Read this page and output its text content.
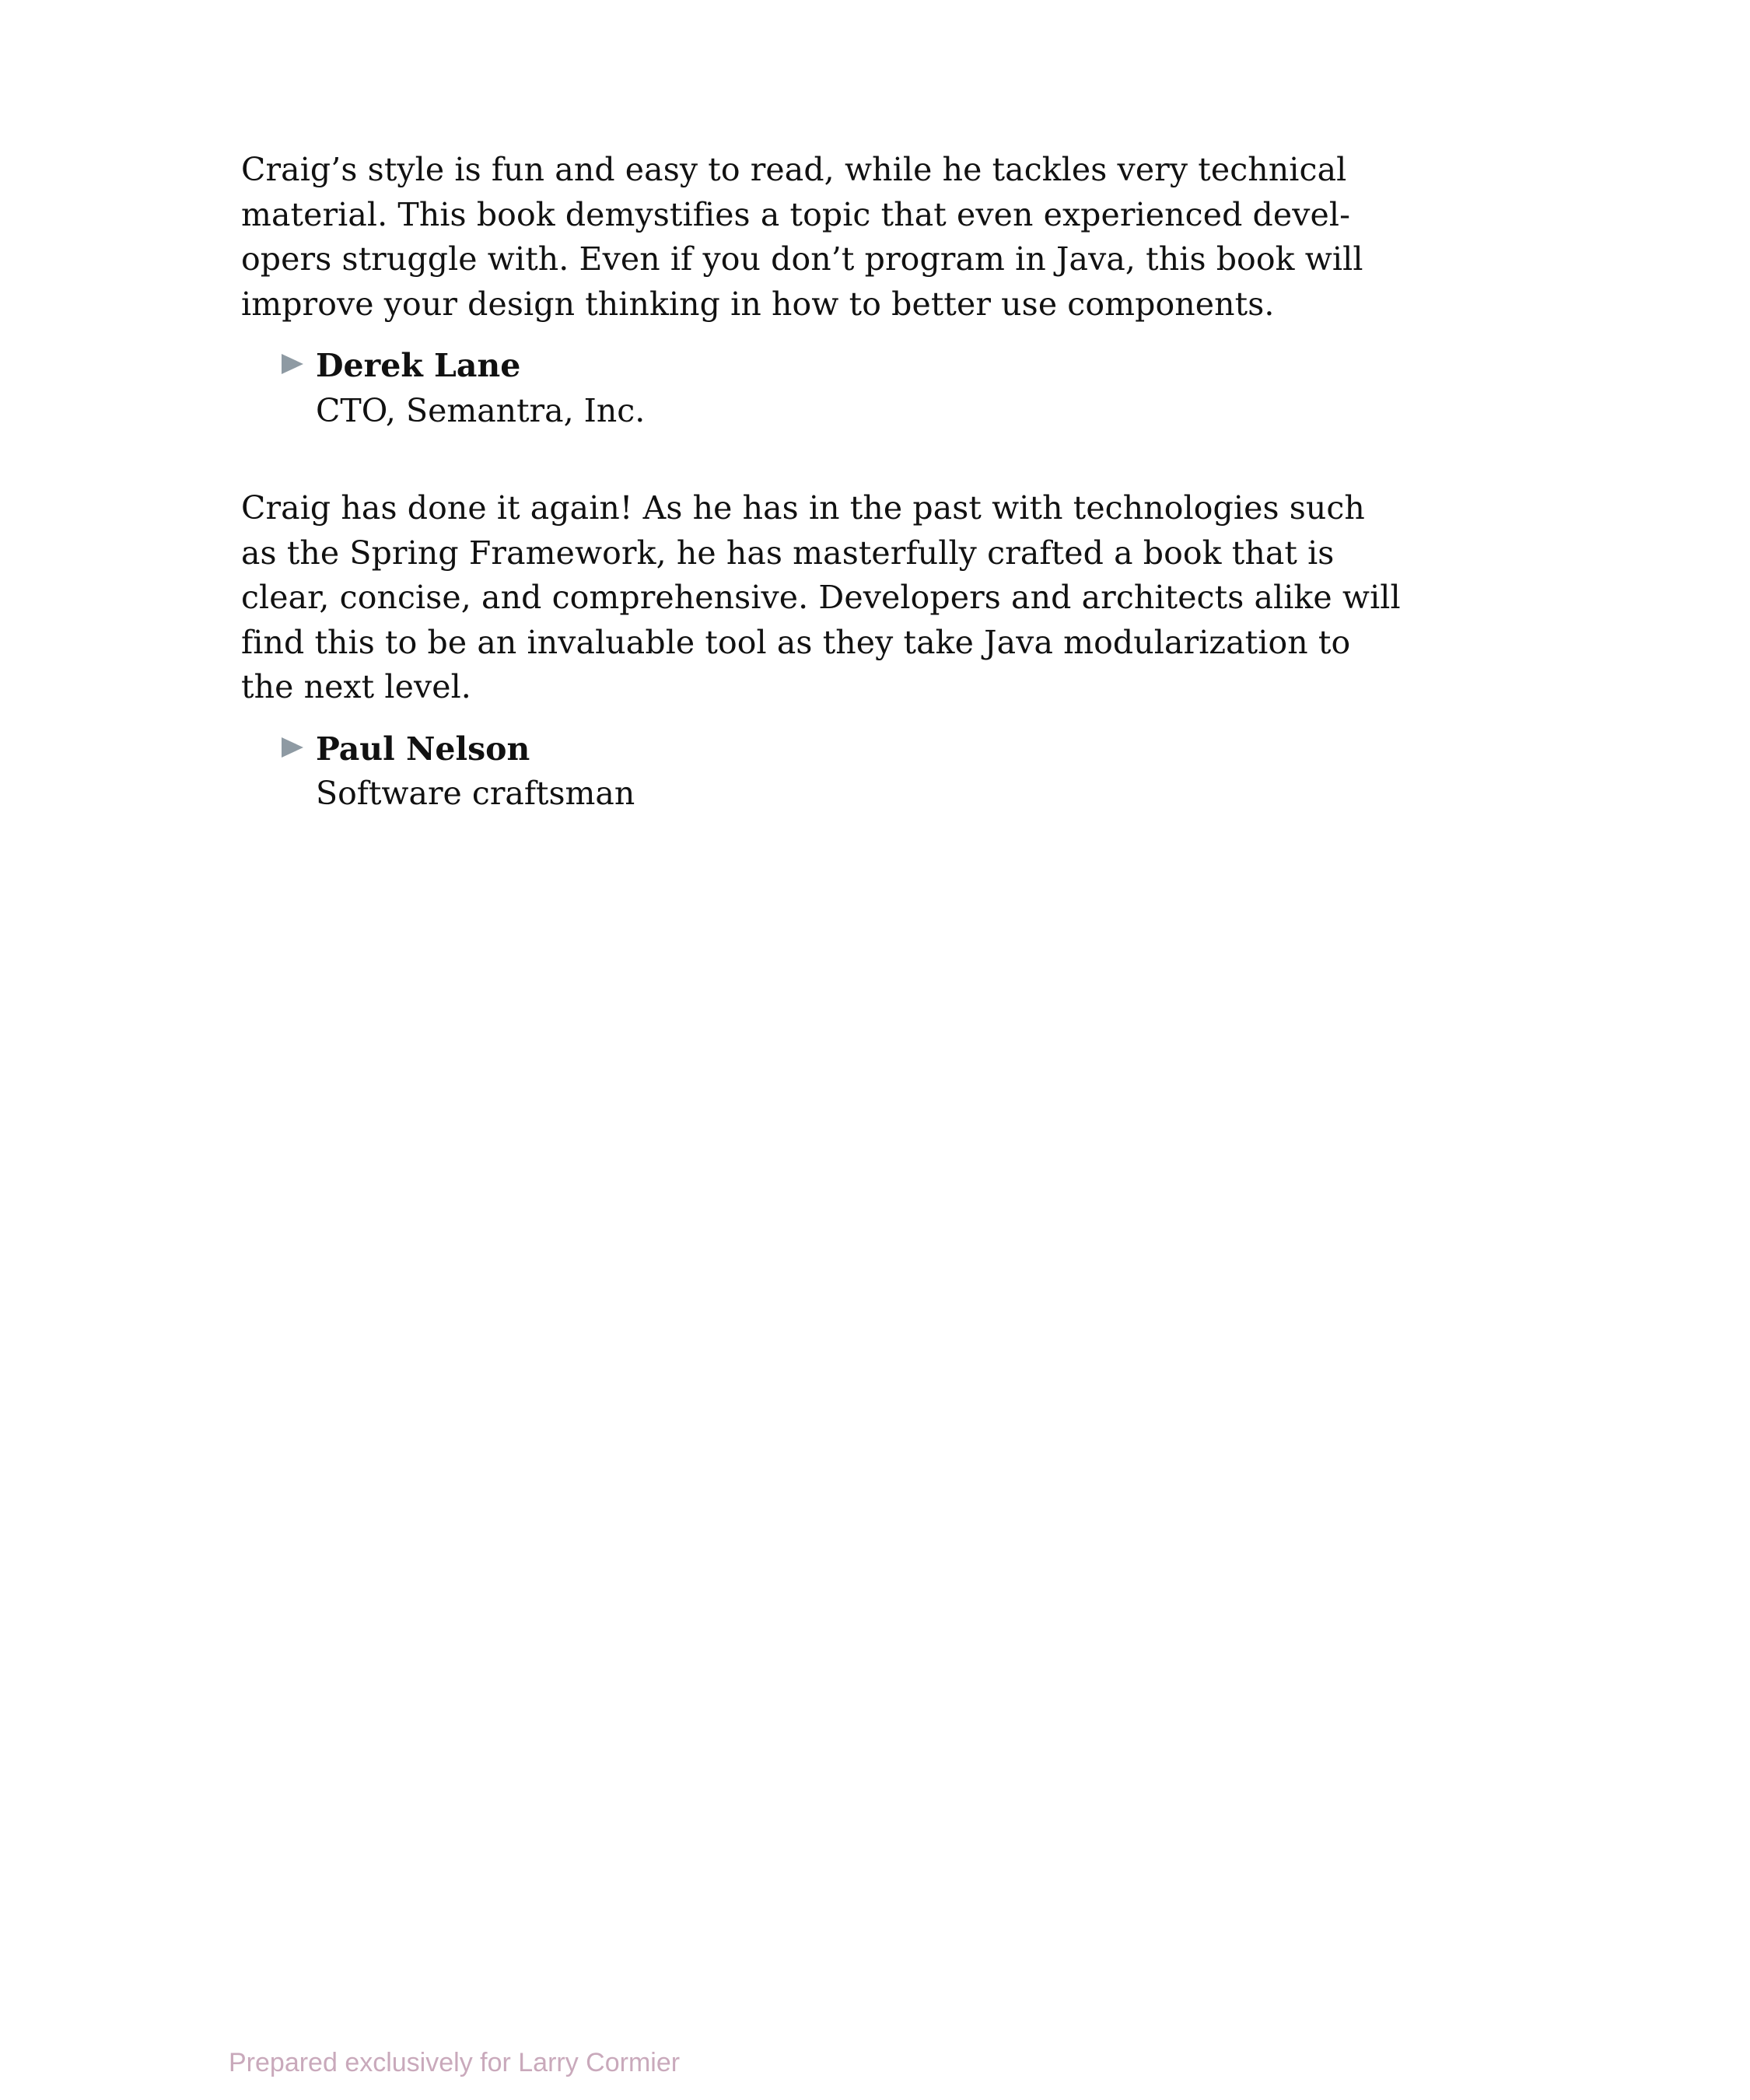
Craig’s style is fun and easy to read, while he tackles very technical
material. This book demystifies a topic that even experienced devel-
opers struggle with. Even if you don’t program in Java, this book will
improve your design thinking in how to better use components.
Derek Lane
CTO, Semantra, Inc.
Craig has done it again! As he has in the past with technologies such
as the Spring Framework, he has masterfully crafted a book that is
clear, concise, and comprehensive. Developers and architects alike will
find this to be an invaluable tool as they take Java modularization to
the next level.
Paul Nelson
Software craftsman
Prepared exclusively for Larry Cormier
